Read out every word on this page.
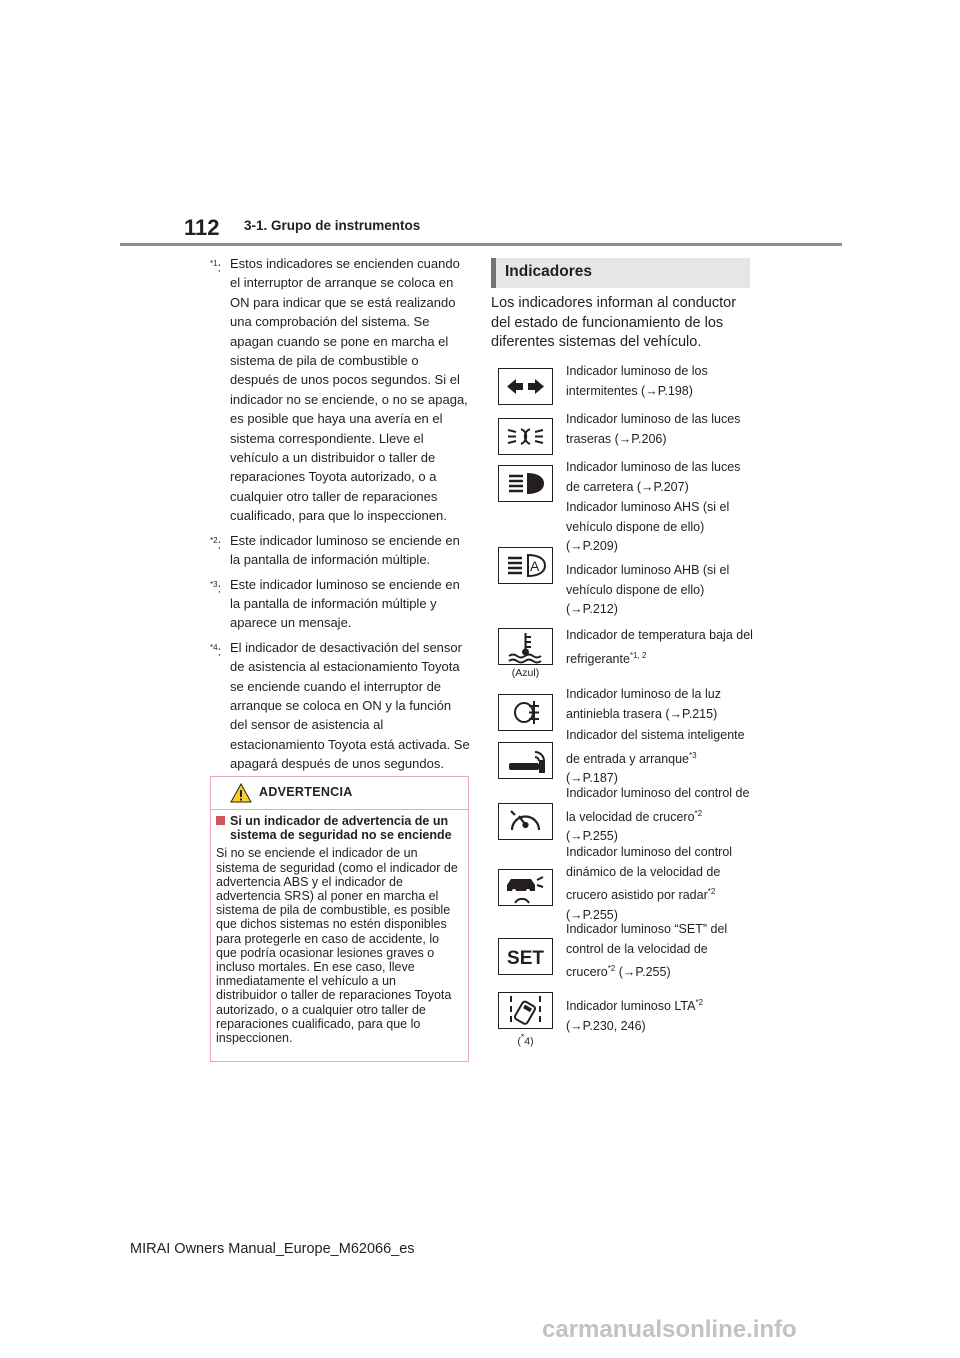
112 3-1. Grupo de instrumentos
$^{*1}$: Estos indicadores se encienden cuando el interruptor de arranque se coloca en ON para indicar que se está realizando una comprobación del sistema. Se apagan cuando se pone en marcha el sistema de pila de combustible o después de unos pocos segundos. Si el indicador no se enciende, o no se apaga, es posible que haya una avería en el sistema correspondiente. Lleve el vehículo a un distribuidor o taller de reparaciones Toyota autorizado, o a cualquier otro taller de reparaciones cualificado, para que lo inspeccionen.
$^{*2}$: Este indicador luminoso se enciende en la pantalla de información múltiple.
$^{*3}$: Este indicador luminoso se enciende en la pantalla de información múltiple y aparece un mensaje.
$^{*4}$: El indicador de desactivación del sensor de asistencia al estacionamiento Toyota se enciende cuando el interruptor de arranque se coloca en ON y la función del sensor de asistencia al estacionamiento Toyota está activada. Se apagará después de unos segundos.
ADVERTENCIA
Si un indicador de advertencia de un sistema de seguridad no se enciende
Si no se enciende el indicador de un sistema de seguridad (como el indicador de advertencia ABS y el indicador de advertencia SRS) al poner en marcha el sistema de pila de combustible, es posible que dichos sistemas no estén disponibles para protegerle en caso de accidente, lo que podría ocasionar lesiones graves o incluso mortales. En ese caso, lleve inmediatamente el vehículo a un distribuidor o taller de reparaciones Toyota autorizado, o a cualquier otro taller de reparaciones cualificado, para que lo inspeccionen.
Indicadores
Los indicadores informan al conductor del estado de funcionamiento de los diferentes sistemas del vehículo.
Indicador luminoso de los intermitentes (→P.198)
Indicador luminoso de las luces traseras (→P.206)
Indicador luminoso de las luces de carretera (→P.207)
A
Indicador luminoso AHS (si el vehículo dispone de ello) (→P.209)
Indicador luminoso AHB (si el vehículo dispone de ello) (→P.212)
(Azul)
Indicador de temperatura baja del refrigerante$^{*1, 2}$
Indicador luminoso de la luz antiniebla trasera (→P.215)
Indicador del sistema inteligente de entrada y arranque$^{*3}$
(→P.187)
Indicador luminoso del control de la velocidad de crucero$^{*2}$
(→P.255)
Indicador luminoso del control dinámico de la velocidad de crucero asistido por radar$^{*2}$
(→P.255)
SET
Indicador luminoso “SET” del control de la velocidad de crucero$^{*2}$ (→P.255)
(*4)
Indicador luminoso LTA$^{*2}$
(→P.230, 246)
MIRAI Owners Manual_Europe_M62066_es
carmanualsonline.info
